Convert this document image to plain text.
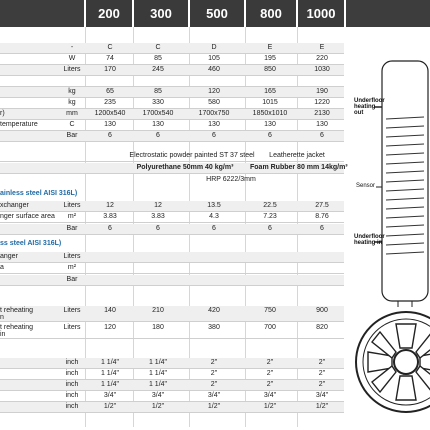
200	300	500	800	1000
-	C	C	D	E	E
W	74	85	105	195	220
Liters	170	245	460	850	1030
kg	65	85	120	165	190
kg	235	330	580	1015	1220
r)	mm	1200x540	1700x540	1700x750	1850x1010	2130
temperature	C	130	130	130	130	130
Bar	6	6	6	6	6
Electrostatic powder painted ST 37 steel	Leatherette jacket
Polyurethane 50mm 40 kg/m³	Foam Rubber 80 mm 14kg/m³
HRP 6222/3mm
ainless steel AISI 316L)
xchanger	Liters	12	12	13.5	22.5	27.5
nger surface area	m²	3.83	3.83	4.3	7.23	8.76
Bar	6	6	6	6	6
ss steel AISI 316L)
anger	Liters
a	m²
Bar
t reheating
n
Liters	140	210	420	750	900
t reheating
in
Liters	120	180	380	700	820
inch	1 1/4"	1 1/4"	2"	2"	2"
inch	1 1/4"	1 1/4"	2"	2"	2"
inch	1 1/4"	1 1/4"	2"	2"	2"
inch	3/4"	3/4"	3/4"	3/4"	3/4"
inch	1/2"	1/2"	1/2"	1/2"	1/2"
Underfloor heating out
Sensor
Underfloor heating in
